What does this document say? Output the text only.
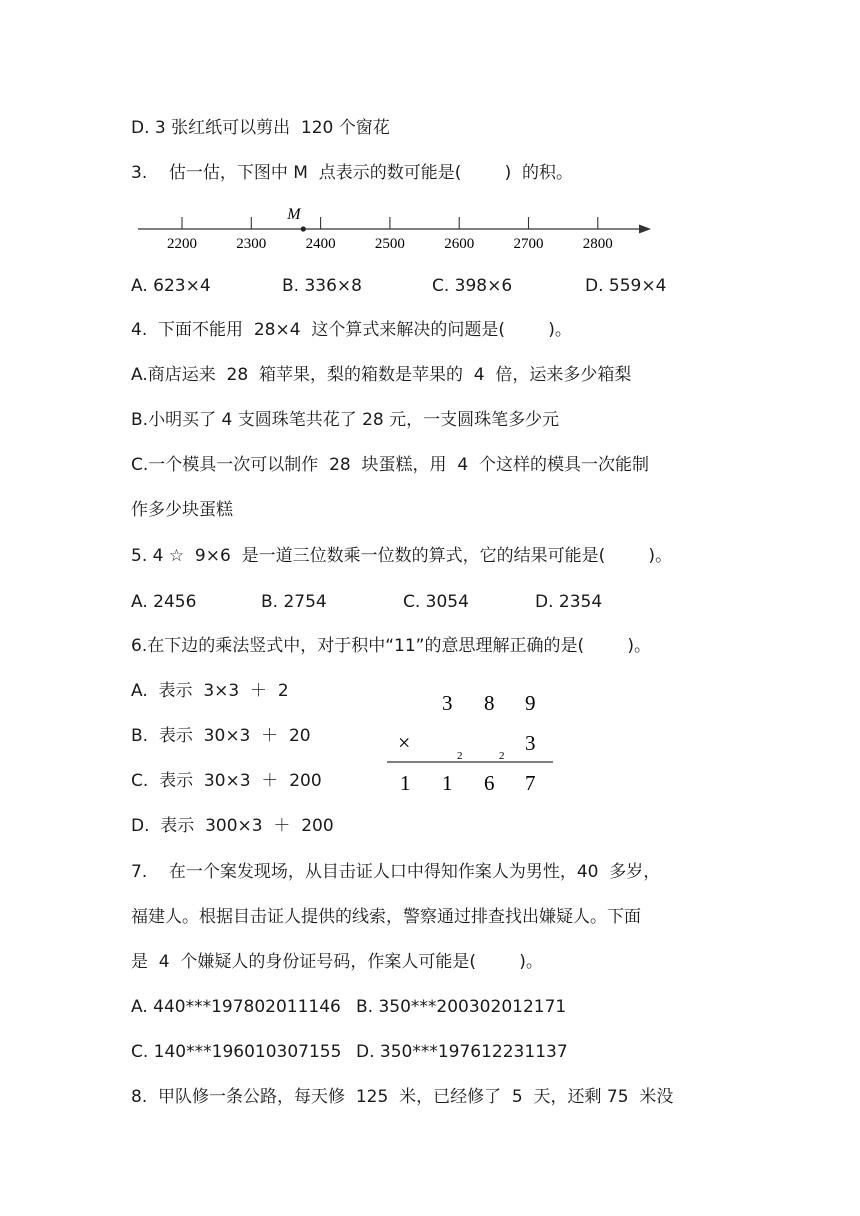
D. 3 张红纸可以剪出  120 个窗花
3.    估一估，下图中 M  点表示的数可能是(        )  的积。
2200	2300	2400	2500	2600	2700	2800
M
A. 623×4	B. 336×8	C. 398×6	D. 559×4
4.  下面不能用  28×4  这个算式来解决的问题是(        )。
A.商店运来  28  箱苹果，梨的箱数是苹果的  4  倍，运来多少箱梨
B.小明买了 4 支圆珠笔共花了 28 元，一支圆珠笔多少元
C.一个模具一次可以制作  28  块蛋糕，用  4  个这样的模具一次能制
作多少块蛋糕
5. 4 ☆  9×6  是一道三位数乘一位数的算式，它的结果可能是(        )。
A. 2456	B. 2754	C. 3054	D. 2354
6.在下边的乘法竖式中，对于积中“11”的意思理解正确的是(        )。
A.  表示  3×3  ＋  2
B.  表示  30×3  ＋  20
C.  表示  30×3  ＋  200
D.  表示  300×3  ＋  200
3 8 9
×
2	2
3
1 1 6 7
7.    在一个案发现场，从目击证人口中得知作案人为男性，40  多岁，
福建人。根据目击证人提供的线索，警察通过排查找出嫌疑人。下面
是  4  个嫌疑人的身份证号码，作案人可能是(        )。
A. 440***197802011146 B. 350***200302012171
C. 140***196010307155 D. 350***197612231137
8.  甲队修一条公路，每天修  125  米，已经修了  5  天，还剩 75  米没
